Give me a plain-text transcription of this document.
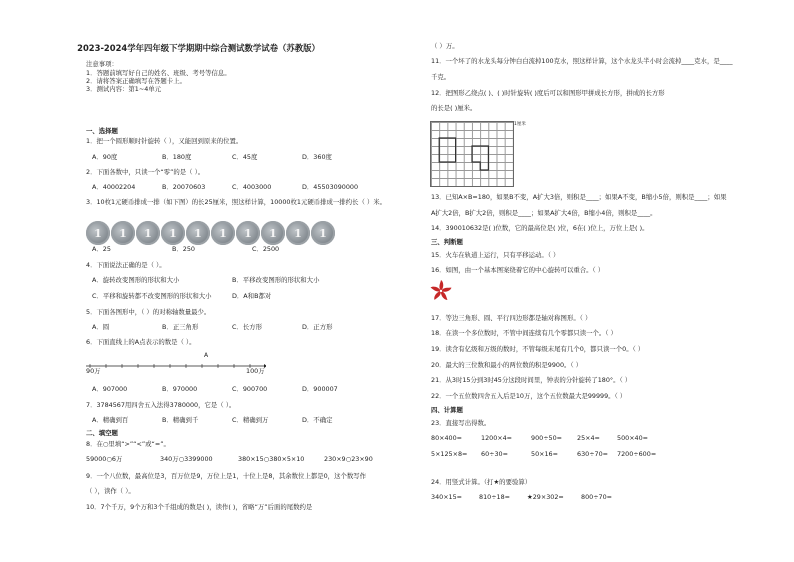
2023-2024学年四年级下学期期中综合测试数学试卷（苏教版）
注意事项：
1．答题前填写好自己的姓名、班级、考号等信息。
2．请将答案正确填写在答题卡上。
3．测试内容：第1~4单元
一、选择题
1．把一个圆形顺时针旋转（ ），又能回到原来的位置。
A．90度	B．180度	C．45度	D．360度
2．下面各数中，只读一个“零”的是（ ）。
A．40002204	B．20070603	C．4003000	D．45503090000
3．10枚1元硬币排成一排（如下图）的长25厘米，照这样计算，10000枚1元硬币排成一排约长（ ）米。
1	1	1	1	1	1	1	1	1	1
A．25	B．250	C．2500
4．下面说法正确的是（ ）。
A．旋转改变图形的形状和大小	B．平移改变图形的形状和大小
C．平移和旋转都不改变图形的形状和大小	D．A和B都对
5．下面各图形中，（ ）的对称轴数量最少。
A．圆	B．正三角形	C．长方形	D．正方形
6．下面直线上的A点表示的数是（ ）。
A
90万	100万
A．907000	B．970000	C．900700	D．900007
7．3784567用四舍五入法得3780000，它是（ ）。
A．精确到百	B．精确到千	C．精确到万	D．不确定
二、填空题
8．在○里填“>”“<”或“=”。
59000○6万	340万○3399000	380×15○380×5×10	230×9○23×90
9．一个八位数，最高位是3，百万位是9，万位上是1，十位上是8，其余数位上都是0，这个数写作
（ ），读作（ ）。
10．7个千万，9个万和3个千组成的数是( )，读作( )，省略“万”后面的尾数约是
（ ）万。
11．一个坏了的水龙头每分钟白白流掉100克水，照这样计算，这个水龙头半小时会流掉____克水，是____
千克。
12．把图形乙绕点( )、( )时针旋转( )度后可以和图形甲拼成长方形，拼成的长方形
的长是( )厘米。
1厘米
13．已知A×B=180，如果B不变，A扩大3倍，则积是____；如果A不变，B缩小5倍，则积是____；如果
A扩大2倍，B扩大2倍，则积是____；如果A扩大4倍，B缩小4倍，则积是____。
14．390010632是( )位数，它的最高位是( )位，6在( )位上，万位上是( )。
三、判断题
15．火车在轨道上运行，只有平移运动。（ ）
16．如图，由一个基本图案绕着它的中心旋转可以重合。（ ）
17．等边三角形、圆、平行四边形都是轴对称图形。（ ）
18．在读一个多位数时，不管中间连续有几个零都只读一个。（ ）
19．读含有亿级和万级的数时，不管每级末尾有几个0，都只读一个0。（ ）
20．最大的三位数和最小的两位数的积是9900。（ ）
21．从3时15分到3时45分这段时间里，钟表的分针旋转了180°。（ ）
22．一个五位数四舍五入后是10万，这个五位数最大是99999。（ ）
四、计算题
23．直接写出得数。
80×400=	1200×4=	900÷50= 25×4=	500×40=
5×125×8= 60÷30=	50×16=	630÷70= 7200÷600=
24．用竖式计算。（打★的要验算）
340×15=	810÷18=	★29×302=	800÷70=
